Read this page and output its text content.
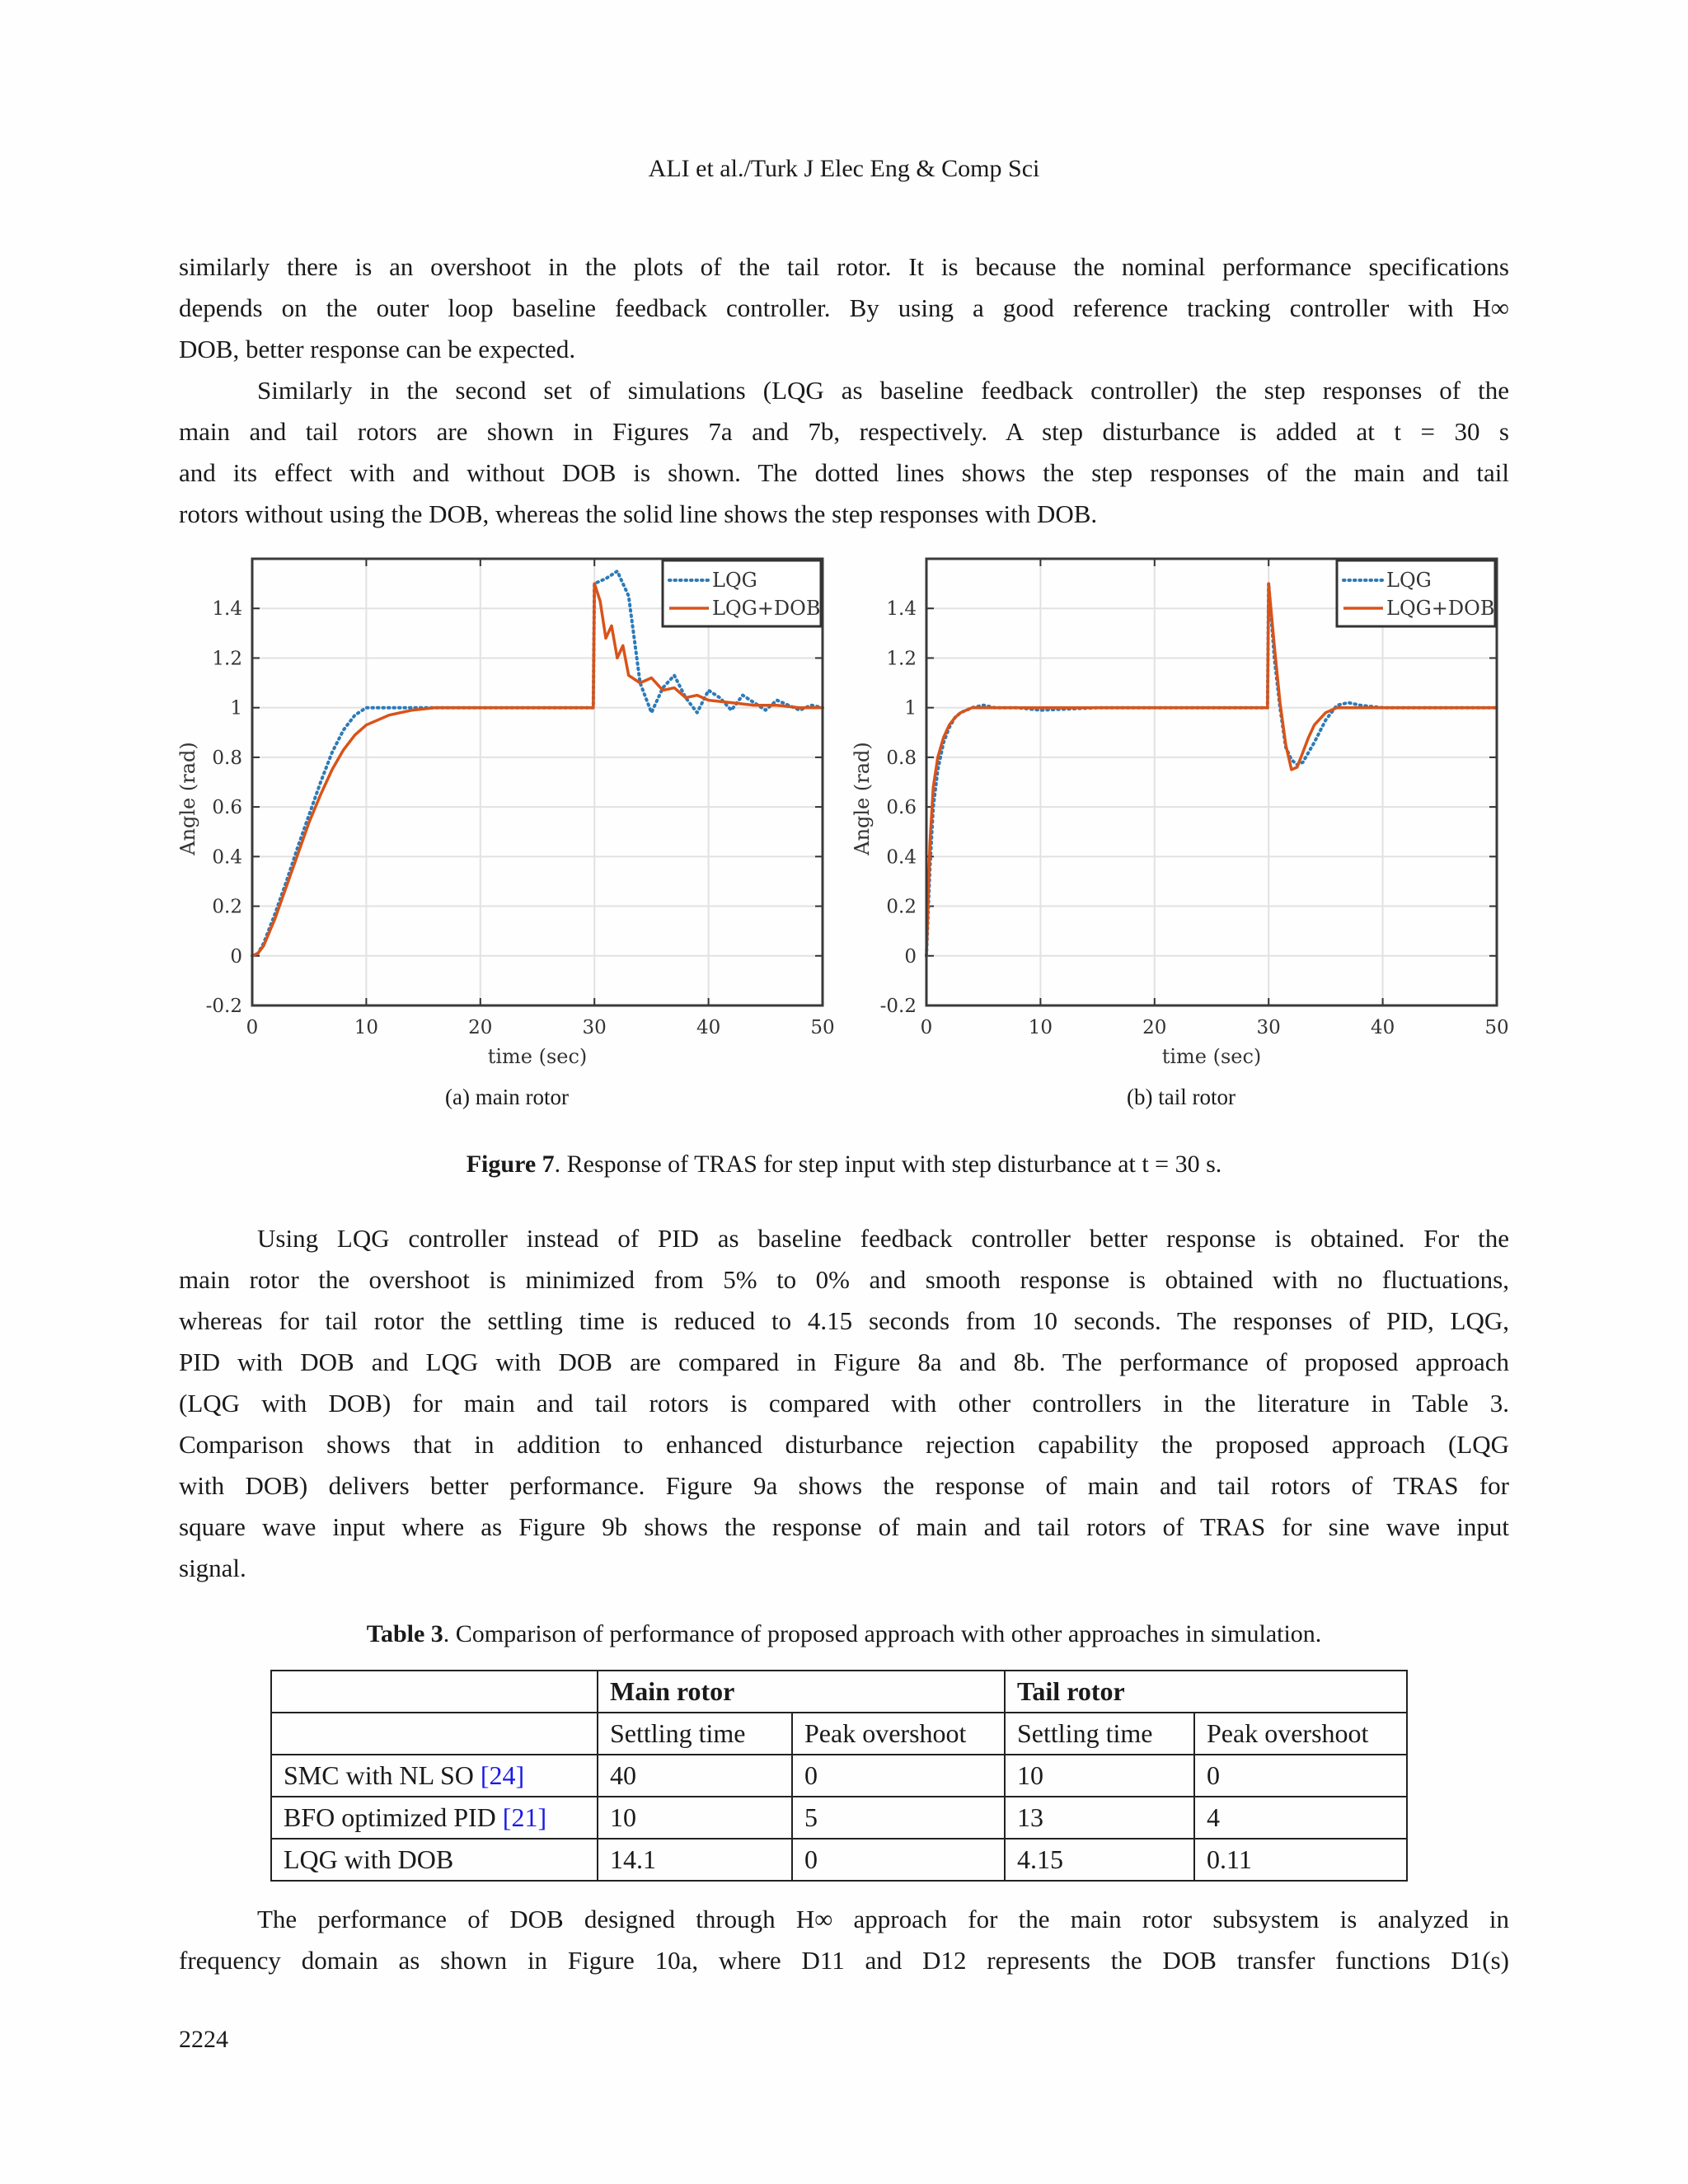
ALI et al./Turk J Elec Eng & Comp Sci

similarly there is an overshoot in the plots of the tail rotor. It is because the nominal performance specifications
depends on the outer loop baseline feedback controller. By using a good reference tracking controller with H∞
DOB, better response can be expected.

Similarly in the second set of simulations (LQG as baseline feedback controller) the step responses of the
main and tail rotors are shown in Figures 7a and 7b, respectively. A step disturbance is added at t = 30 s
and its effect with and without DOB is shown. The dotted lines shows the step responses of the main and tail
rotors without using the DOB, whereas the solid line shows the step responses with DOB.

0	10	20	30	40	50
-0.2
0
0.2
0.4
0.6
0.8
1
1.2
1.4
time (sec)
Angle (rad)
LQG
LQG+DOB
(a) main rotor
0	10	20	30	40	50
-0.2
0
0.2
0.4
0.6
0.8
1
1.2
1.4
time (sec)
Angle (rad)
LQG
LQG+DOB
(b) tail rotor
Figure 7. Response of TRAS for step input with step disturbance at t = 30 s.

Using LQG controller instead of PID as baseline feedback controller better response is obtained. For the
main rotor the overshoot is minimized from 5% to 0% and smooth response is obtained with no fluctuations,
whereas for tail rotor the settling time is reduced to 4.15 seconds from 10 seconds. The responses of PID, LQG,
PID with DOB and LQG with DOB are compared in Figure 8a and 8b. The performance of proposed approach
(LQG with DOB) for main and tail rotors is compared with other controllers in the literature in Table 3.
Comparison shows that in addition to enhanced disturbance rejection capability the proposed approach (LQG
with DOB) delivers better performance. Figure 9a shows the response of main and tail rotors of TRAS for
square wave input where as Figure 9b shows the response of main and tail rotors of TRAS for sine wave input
signal.

Table 3. Comparison of performance of proposed approach with other approaches in simulation.
	Main rotor		Tail rotor	
	Settling time	Peak overshoot	Settling time	Peak overshoot
SMC with NL SO [24]	40	0	10	0
BFO optimized PID [21]	10	5	13	4
LQG with DOB	14.1	0	4.15	0.11

The performance of DOB designed through H∞ approach for the main rotor subsystem is analyzed in
frequency domain as shown in Figure 10a, where D11 and D12 represents the DOB transfer functions D1(s)

2224
